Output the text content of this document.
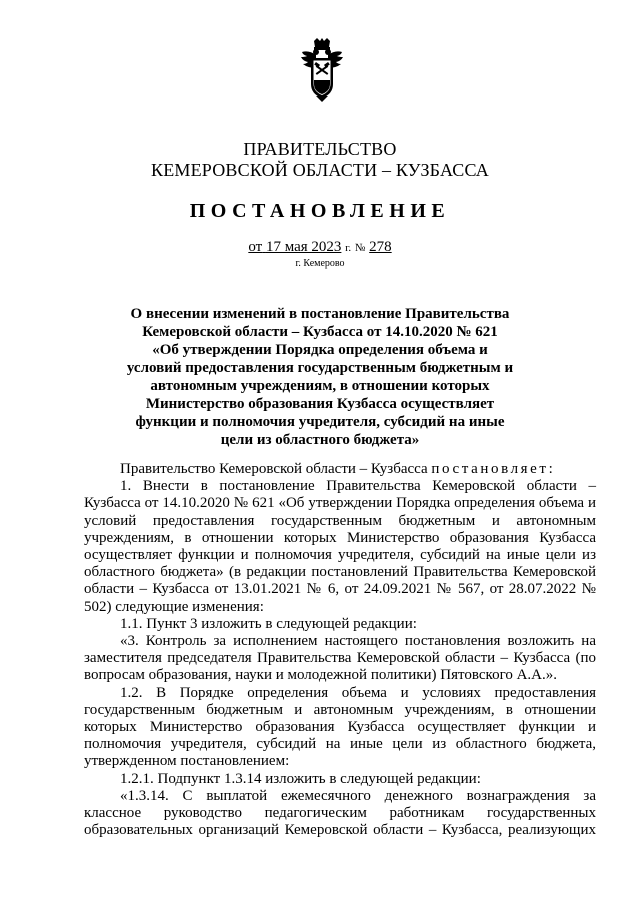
ПРАВИТЕЛЬСТВО
КЕМЕРОВСКОЙ ОБЛАСТИ – КУЗБАССА
ПОСТАНОВЛЕНИЕ
от 17 мая 2023 г. № 278
г. Кемерово
О внесении изменений в постановление Правительства
Кемеровской области – Кузбасса от 14.10.2020 № 621
«Об утверждении Порядка определения объема и
условий предоставления государственным бюджетным и
автономным учреждениям, в отношении которых
Министерство образования Кузбасса осуществляет
функции и полномочия учредителя, субсидий на иные
цели из областного бюджета»

Правительство Кемеровской области – Кузбасса постановляет:

1. Внести в постановление Правительства Кемеровской области – Кузбасса от 14.10.2020 № 621 «Об утверждении Порядка определения объема и условий предоставления государственным бюджетным и автономным учреждениям, в отношении которых Министерство образования Кузбасса осуществляет функции и полномочия учредителя, субсидий на иные цели из областного бюджета» (в редакции постановлений Правительства Кемеровской области – Кузбасса от 13.01.2021 № 6, от 24.09.2021 № 567, от 28.07.2022 № 502) следующие изменения:

1.1. Пункт 3 изложить в следующей редакции:

«3. Контроль за исполнением настоящего постановления возложить на заместителя председателя Правительства Кемеровской области – Кузбасса (по вопросам образования, науки и молодежной политики) Пятовского А.А.».

1.2. В Порядке определения объема и условиях предоставления государственным бюджетным и автономным учреждениям, в отношении которых Министерство образования Кузбасса осуществляет функции и полномочия учредителя, субсидий на иные цели из областного бюджета, утвержденном постановлением:

1.2.1. Подпункт 1.3.14 изложить в следующей редакции:

«1.3.14. С выплатой ежемесячного денежного вознаграждения за классное руководство педагогическим работникам государственных образовательных организаций Кемеровской области – Кузбасса, реализующих
